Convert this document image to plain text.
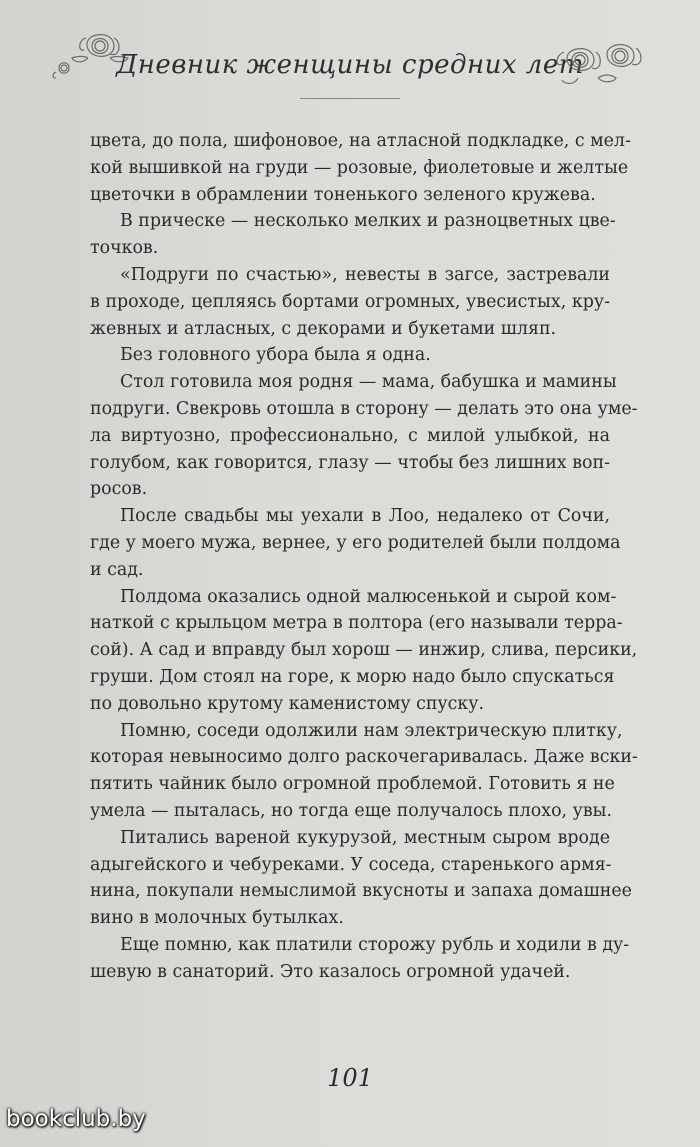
Дневник женщины средних лет
цвета, до пола, шифоновое, на атласной подкладке, с мел-
кой вышивкой на груди — розовые, фиолетовые и желтые
цветочки в обрамлении тоненького зеленого кружева.
В прическе — несколько мелких и разноцветных цве-
точков.
«Подруги по счастью», невесты в загсе, застревали
в проходе, цепляясь бортами огромных, увесистых, кру-
жевных и атласных, с декорами и букетами шляп.
Без головного убора была я одна.
Стол готовила моя родня — мама, бабушка и мамины
подруги. Свекровь отошла в сторону — делать это она уме-
ла виртуозно, профессионально, с милой улыбкой, на
голубом, как говорится, глазу — чтобы без лишних воп-
росов.
После свадьбы мы уехали в Лоо, недалеко от Сочи,
где у моего мужа, вернее, у его родителей были полдома
и сад.
Полдома оказались одной малюсенькой и сырой ком-
наткой с крыльцом метра в полтора (его называли терра-
сой). А сад и вправду был хорош — инжир, слива, персики,
груши. Дом стоял на горе, к морю надо было спускаться
по довольно крутому каменистому спуску.
Помню, соседи одолжили нам электрическую плитку,
которая невыносимо долго раскочегаривалась. Даже вски-
пятить чайник было огромной проблемой. Готовить я не
умела — пыталась, но тогда еще получалось плохо, увы.
Питались вареной кукурузой, местным сыром вроде
адыгейского и чебуреками. У соседа, старенького армя-
нина, покупали немыслимой вкусноты и запаха домашнее
вино в молочных бутылках.
Еще помню, как платили сторожу рубль и ходили в ду-
шевую в санаторий. Это казалось огромной удачей.
101
bookclub.by
